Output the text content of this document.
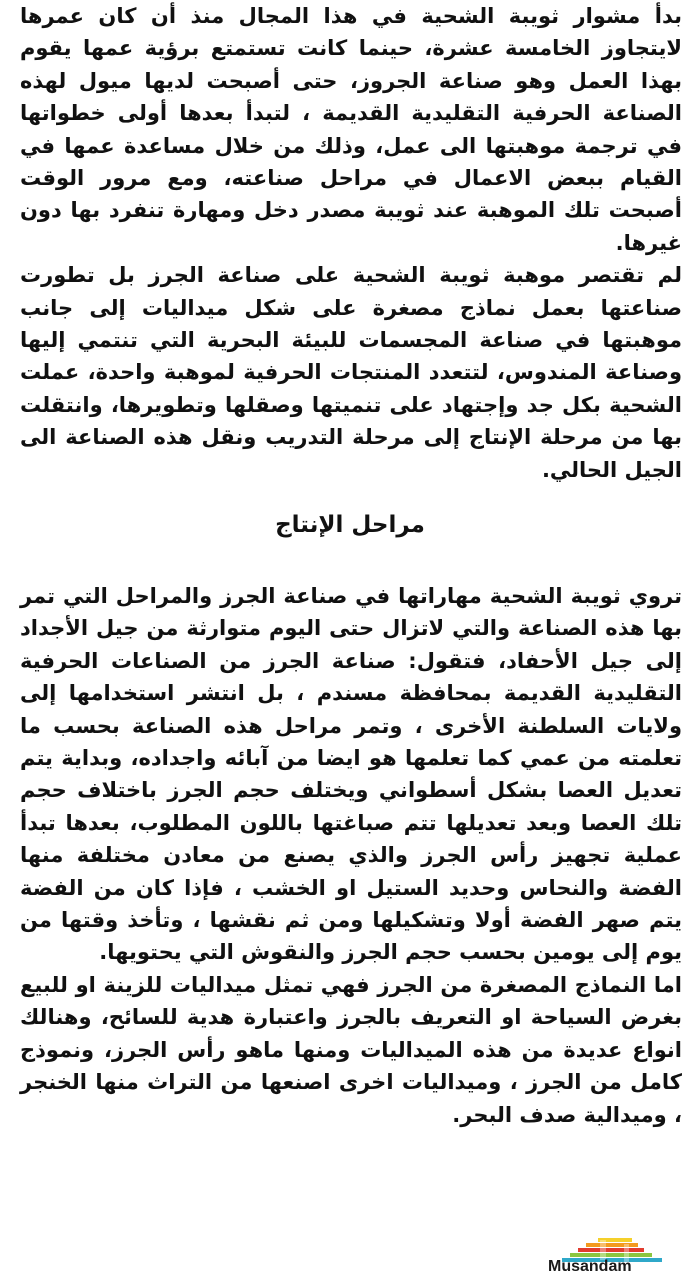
بدأ مشوار ثويبة الشحية في هذا المجال منذ أن كان عمرها لايتجاوز الخامسة عشرة، حينما كانت تستمتع برؤية عمها يقوم بهذا العمل وهو صناعة الجروز، حتى أصبحت لديها ميول لهذه الصناعة الحرفية التقليدية القديمة ، لتبدأ بعدها أولى خطواتها في ترجمة موهبتها الى عمل، وذلك من خلال مساعدة عمها في القيام ببعض الاعمال في مراحل صناعته، ومع مرور الوقت أصبحت تلك الموهبة عند ثويبة مصدر دخل ومهارة تنفرد بها دون غيرها.

لم تقتصر موهبة ثويبة الشحية على صناعة الجرز بل تطورت صناعتها بعمل نماذج مصغرة على شكل ميداليات إلى جانب موهبتها في صناعة المجسمات للبيئة البحرية التي تنتمي إليها وصناعة المندوس، لتتعدد المنتجات الحرفية لموهبة واحدة، عملت الشحية بكل جد وإجتهاد على تنميتها وصقلها وتطويرها، وانتقلت بها من مرحلة الإنتاج إلى مرحلة التدريب ونقل هذه الصناعة الى الجيل الحالي.

مراحل الإنتاج

تروي ثويبة الشحية مهاراتها في صناعة الجرز والمراحل التي تمر بها هذه الصناعة والتي لاتزال حتى اليوم متوارثة من جيل الأجداد إلى جيل الأحفاد، فتقول: صناعة الجرز من الصناعات الحرفية التقليدية القديمة بمحافظة مسندم ، بل انتشر استخدامها إلى ولايات السلطنة الأخرى ، وتمر مراحل هذه الصناعة بحسب ما تعلمته من عمي كما تعلمها هو ايضا من آبائه واجداده، وبداية يتم تعديل العصا بشكل أسطواني ويختلف حجم الجرز باختلاف حجم تلك العصا وبعد تعديلها تتم صباغتها باللون المطلوب، بعدها تبدأ عملية تجهيز رأس الجرز والذي يصنع من معادن مختلفة منها الفضة والنحاس وحديد الستيل او الخشب ، فإذا كان من الفضة يتم صهر الفضة أولا وتشكيلها ومن ثم نقشها ، وتأخذ وقتها من يوم إلى يومين بحسب حجم الجرز والنقوش التي يحتويها.

اما النماذج المصغرة من الجرز فهي تمثل ميداليات للزينة او للبيع بغرض السياحة او التعريف بالجرز واعتبارة هدية للسائح، وهنالك انواع عديدة من هذه الميداليات ومنها ماهو رأس الجرز، ونموذج كامل من الجرز ، وميداليات اخرى اصنعها من التراث منها الخنجر ، وميدالية صدف البحر.

Musandam
